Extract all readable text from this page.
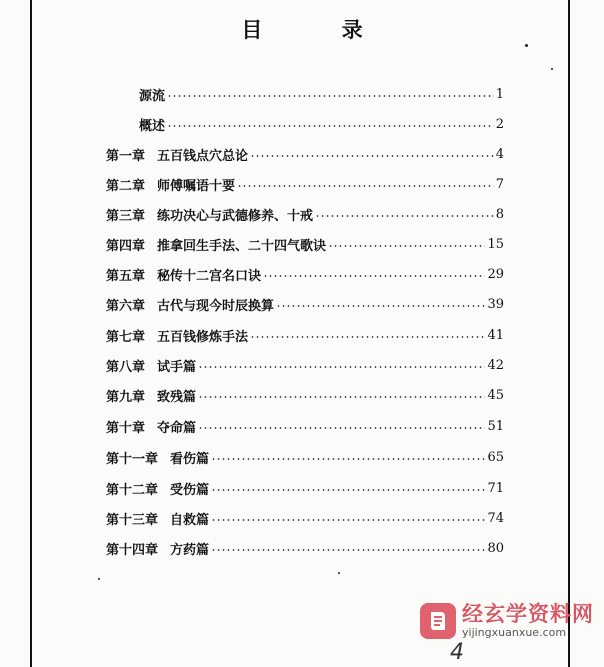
目 录
源流	1
概述	2
第一章 五百钱点穴总论	4
第二章 师傅嘱语十要	7
第三章 练功决心与武德修养、十戒	8
第四章 推拿回生手法、二十四气歌诀	15
第五章 秘传十二宫名口诀	29
第六章 古代与现今时辰换算	39
第七章 五百钱修炼手法	41
第八章 试手篇	42
第九章 致残篇	45
第十章 夺命篇	51
第十一章 看伤篇	65
第十二章 受伤篇	71
第十三章 自救篇	74
第十四章 方药篇	80
经玄学资料网
yijingxuanxue.com
4
